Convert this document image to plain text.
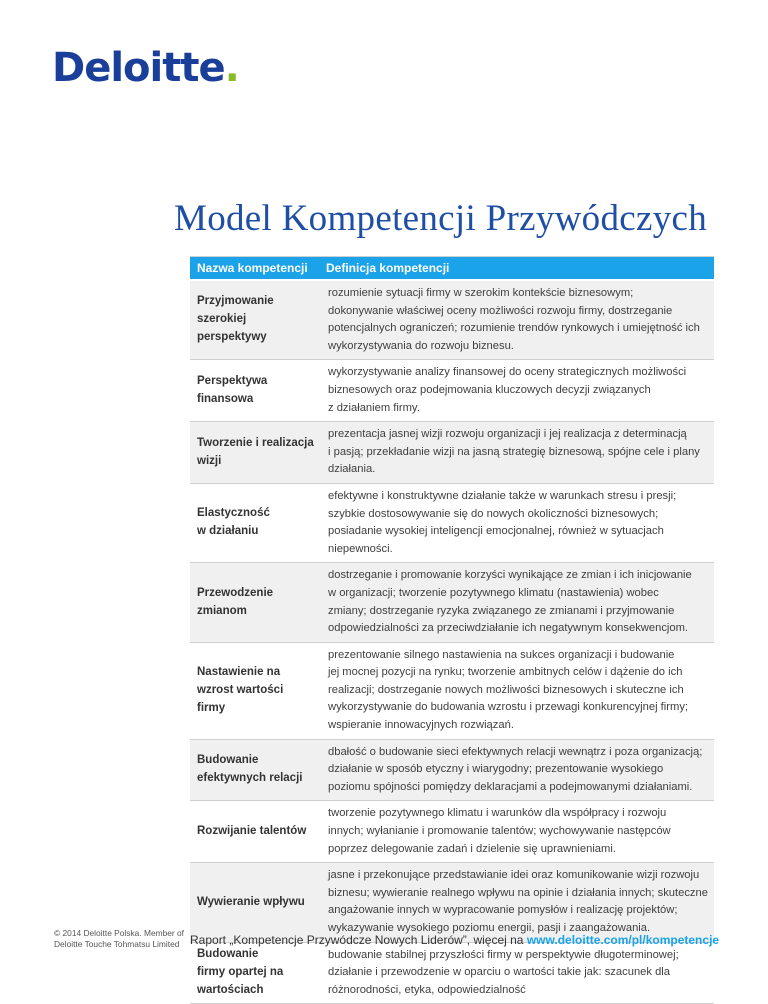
Deloitte.
Model Kompetencji Przywódczych
Nazwa kompetencji	Definicja kompetencji
Przyjmowanie
szerokiej
perspektywy
rozumienie sytuacji firmy w szerokim kontekście biznesowym;
dokonywanie właściwej oceny możliwości rozwoju firmy, dostrzeganie
potencjalnych ograniczeń; rozumienie trendów rynkowych i umiejętność ich
wykorzystywania do rozwoju biznesu.
Perspektywa
finansowa
wykorzystywanie analizy finansowej do oceny strategicznych możliwości
biznesowych oraz podejmowania kluczowych decyzji związanych
z działaniem firmy.
Tworzenie i realizacja
wizji
prezentacja jasnej wizji rozwoju organizacji i jej realizacja z determinacją
i pasją; przekładanie wizji na jasną strategię biznesową, spójne cele i plany
działania.
Elastyczność
w działaniu
efektywne i konstruktywne działanie także w warunkach stresu i presji;
szybkie dostosowywanie się do nowych okoliczności biznesowych;
posiadanie wysokiej inteligencji emocjonalnej, również w sytuacjach
niepewności.
Przewodzenie
zmianom
dostrzeganie i promowanie korzyści wynikające ze zmian i ich inicjowanie
w organizacji; tworzenie pozytywnego klimatu (nastawienia) wobec
zmiany; dostrzeganie ryzyka związanego ze zmianami i przyjmowanie
odpowiedzialności za przeciwdziałanie ich negatywnym konsekwencjom.
Nastawienie na
wzrost wartości
firmy
prezentowanie silnego nastawienia na sukces organizacji i budowanie
jej mocnej pozycji na rynku; tworzenie ambitnych celów i dążenie do ich
realizacji; dostrzeganie nowych możliwości biznesowych i skuteczne ich
wykorzystywanie do budowania wzrostu i przewagi konkurencyjnej firmy;
wspieranie innowacyjnych rozwiązań.
Budowanie
efektywnych relacji
dbałość o budowanie sieci efektywnych relacji wewnątrz i poza organizacją;
działanie w sposób etyczny i wiarygodny; prezentowanie wysokiego
poziomu spójności pomiędzy deklaracjami a podejmowanymi działaniami.
Rozwijanie talentów
tworzenie pozytywnego klimatu i warunków dla współpracy i rozwoju
innych; wyłanianie i promowanie talentów; wychowywanie następców
poprzez delegowanie zadań i dzielenie się uprawnieniami.
Wywieranie wpływu
jasne i przekonujące przedstawianie idei oraz komunikowanie wizji rozwoju
biznesu; wywieranie realnego wpływu na opinie i działania innych; skuteczne
angażowanie innych w wypracowanie pomysłów i realizację projektów;
wykazywanie wysokiego poziomu energii, pasji i zaangażowania.
Budowanie
firmy opartej na
wartościach
budowanie stabilnej przyszłości firmy w perspektywie długoterminowej;
działanie i przewodzenie w oparciu o wartości takie jak: szacunek dla
różnorodności, etyka, odpowiedzialność
© 2014 Deloitte Polska. Member of
Deloitte Touche Tohmatsu Limited Raport „Kompetencje Przywódcze Nowych Liderów”, więcej na www.deloitte.com/pl/kompetencje
